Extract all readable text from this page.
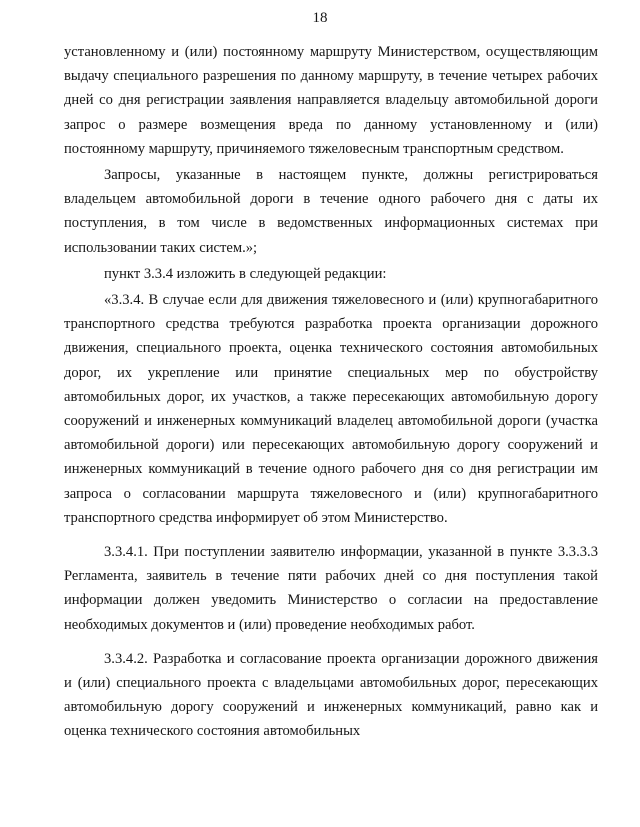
18

установленному и (или) постоянному маршруту Министерством, осуществляющим выдачу специального разрешения по данному маршруту, в течение четырех рабочих дней со дня регистрации заявления направляется владельцу автомобильной дороги запрос о размере возмещения вреда по данному установленному и (или) постоянному маршруту, причиняемого тяжеловесным транспортным средством.

Запросы, указанные в настоящем пункте, должны регистрироваться владельцем автомобильной дороги в течение одного рабочего дня с даты их поступления, в том числе в ведомственных информационных системах при использовании таких систем.»;

пункт 3.3.4 изложить в следующей редакции:

«3.3.4. В случае если для движения тяжеловесного и (или) крупногабаритного транспортного средства требуются разработка проекта организации дорожного движения, специального проекта, оценка технического состояния автомобильных дорог, их укрепление или принятие специальных мер по обустройству автомобильных дорог, их участков, а также пересекающих автомобильную дорогу сооружений и инженерных коммуникаций владелец автомобильной дороги (участка автомобильной дороги) или пересекающих автомобильную дорогу сооружений и инженерных коммуникаций в течение одного рабочего дня со дня регистрации им запроса о согласовании маршрута тяжеловесного и (или) крупногабаритного транспортного средства информирует об этом Министерство.

3.3.4.1. При поступлении заявителю информации, указанной в пункте 3.3.3.3 Регламента, заявитель в течение пяти рабочих дней со дня поступления такой информации должен уведомить Министерство о согласии на предоставление необходимых документов и (или) проведение необходимых работ.

3.3.4.2. Разработка и согласование проекта организации дорожного движения и (или) специального проекта с владельцами автомобильных дорог, пересекающих автомобильную дорогу сооружений и инженерных коммуникаций, равно как и оценка технического состояния автомобильных
